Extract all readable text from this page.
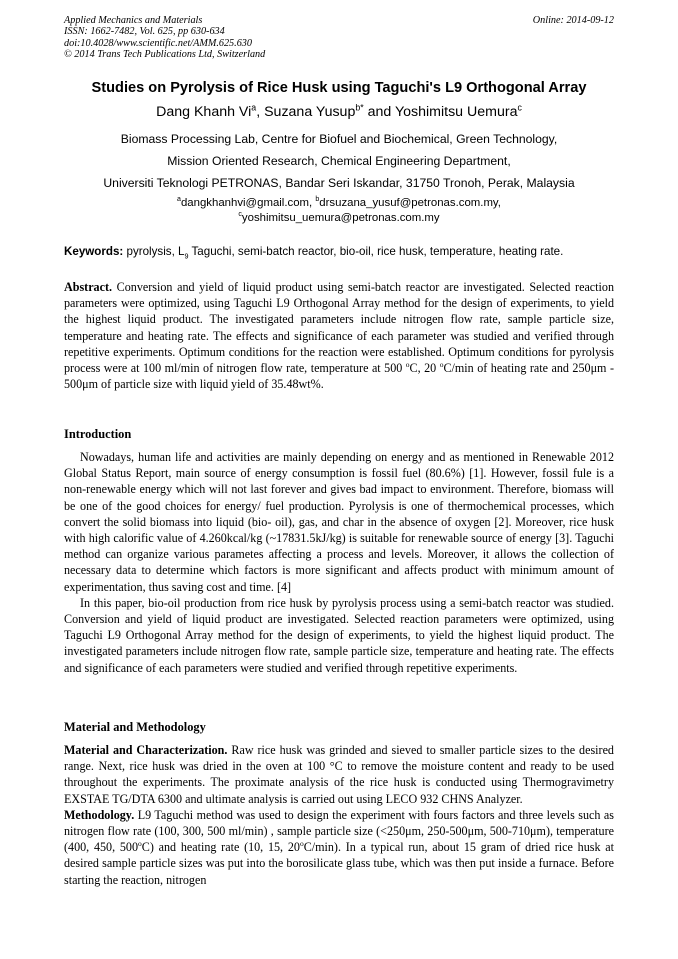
Applied Mechanics and Materials
ISSN: 1662-7482, Vol. 625, pp 630-634
doi:10.4028/www.scientific.net/AMM.625.630
© 2014 Trans Tech Publications Ltd, Switzerland
Online: 2014-09-12
Studies on Pyrolysis of Rice Husk using Taguchi's L9 Orthogonal Array
Dang Khanh Vi$^a$, Suzana Yusup$^{b*}$ and Yoshimitsu Uemura$^c$
Biomass Processing Lab, Centre for Biofuel and Biochemical, Green Technology,
Mission Oriented Research, Chemical Engineering Department,
Universiti Teknologi PETRONAS, Bandar Seri Iskandar, 31750 Tronoh, Perak, Malaysia
$^a$dangkhanhvi@gmail.com, $^b$drsuzana_yusuf@petronas.com.my,
$^c$yoshimitsu_uemura@petronas.com.my
Keywords: pyrolysis, $L_9$ Taguchi, semi-batch reactor, bio-oil, rice husk, temperature, heating rate.

Abstract. Conversion and yield of liquid product using semi-batch reactor are investigated. Selected reaction parameters were optimized, using Taguchi L9 Orthogonal Array method for the design of experiments, to yield the highest liquid product. The investigated parameters include nitrogen flow rate, sample particle size, temperature and heating rate. The effects and significance of each parameter was studied and verified through repetitive experiments. Optimum conditions for the reaction were established. Optimum conditions for pyrolysis process were at 100 ml/min of nitrogen flow rate, temperature at 500 $^o$C, 20 $^o$C/min of heating rate and 250μm - 500μm of particle size with liquid yield of 35.48wt%.

Introduction

Nowadays, human life and activities are mainly depending on energy and as mentioned in Renewable 2012 Global Status Report, main source of energy consumption is fossil fuel (80.6%) [1]. However, fossil fule is a non-renewable energy which will not last forever and gives bad impact to environment. Therefore, biomass will be one of the good choices for energy/ fuel production. Pyrolysis is one of thermochemical processes, which convert the solid biomass into liquid (bio- oil), gas, and char in the absence of oxygen [2]. Moreover, rice husk with high calorific value of 4.260kcal/kg (~17831.5kJ/kg) is suitable for renewable source of energy [3]. Taguchi method can organize various parametes affecting a process and levels. Moreover, it allows the collection of necessary data to determine which factors is more significant and affects product with minimum amount of experimentation, thus saving cost and time. [4]

In this paper, bio-oil production from rice husk by pyrolysis process using a semi-batch reactor was studied. Conversion and yield of liquid product are investigated. Selected reaction parameters were optimized, using Taguchi L9 Orthogonal Array method for the design of experiments, to yield the highest liquid product. The investigated parameters include nitrogen flow rate, sample particle size, temperature and heating rate. The effects and significance of each parameters were studied and verified through repetitive experiments.

Material and Methodology

Material and Characterization. Raw rice husk was grinded and sieved to smaller particle sizes to the desired range. Next, rice husk was dried in the oven at 100 °C to remove the moisture content and ready to be used throughout the experiments. The proximate analysis of the rice husk is conducted using Thermogravimetry EXSTAE TG/DTA 6300 and ultimate analysis is carried out using LECO 932 CHNS Analyzer.

Methodology. L9 Taguchi method was used to design the experiment with fours factors and three levels such as nitrogen flow rate (100, 300, 500 ml/min) , sample particle size (<250μm, 250-500μm, 500-710μm), temperature (400, 450, 500$^o$C) and heating rate (10, 15, 20$^o$C/min). In a typical run, about 15 gram of dried rice husk at desired sample particle sizes was put into the borosilicate glass tube, which was then put inside a furnace. Before starting the reaction, nitrogen
